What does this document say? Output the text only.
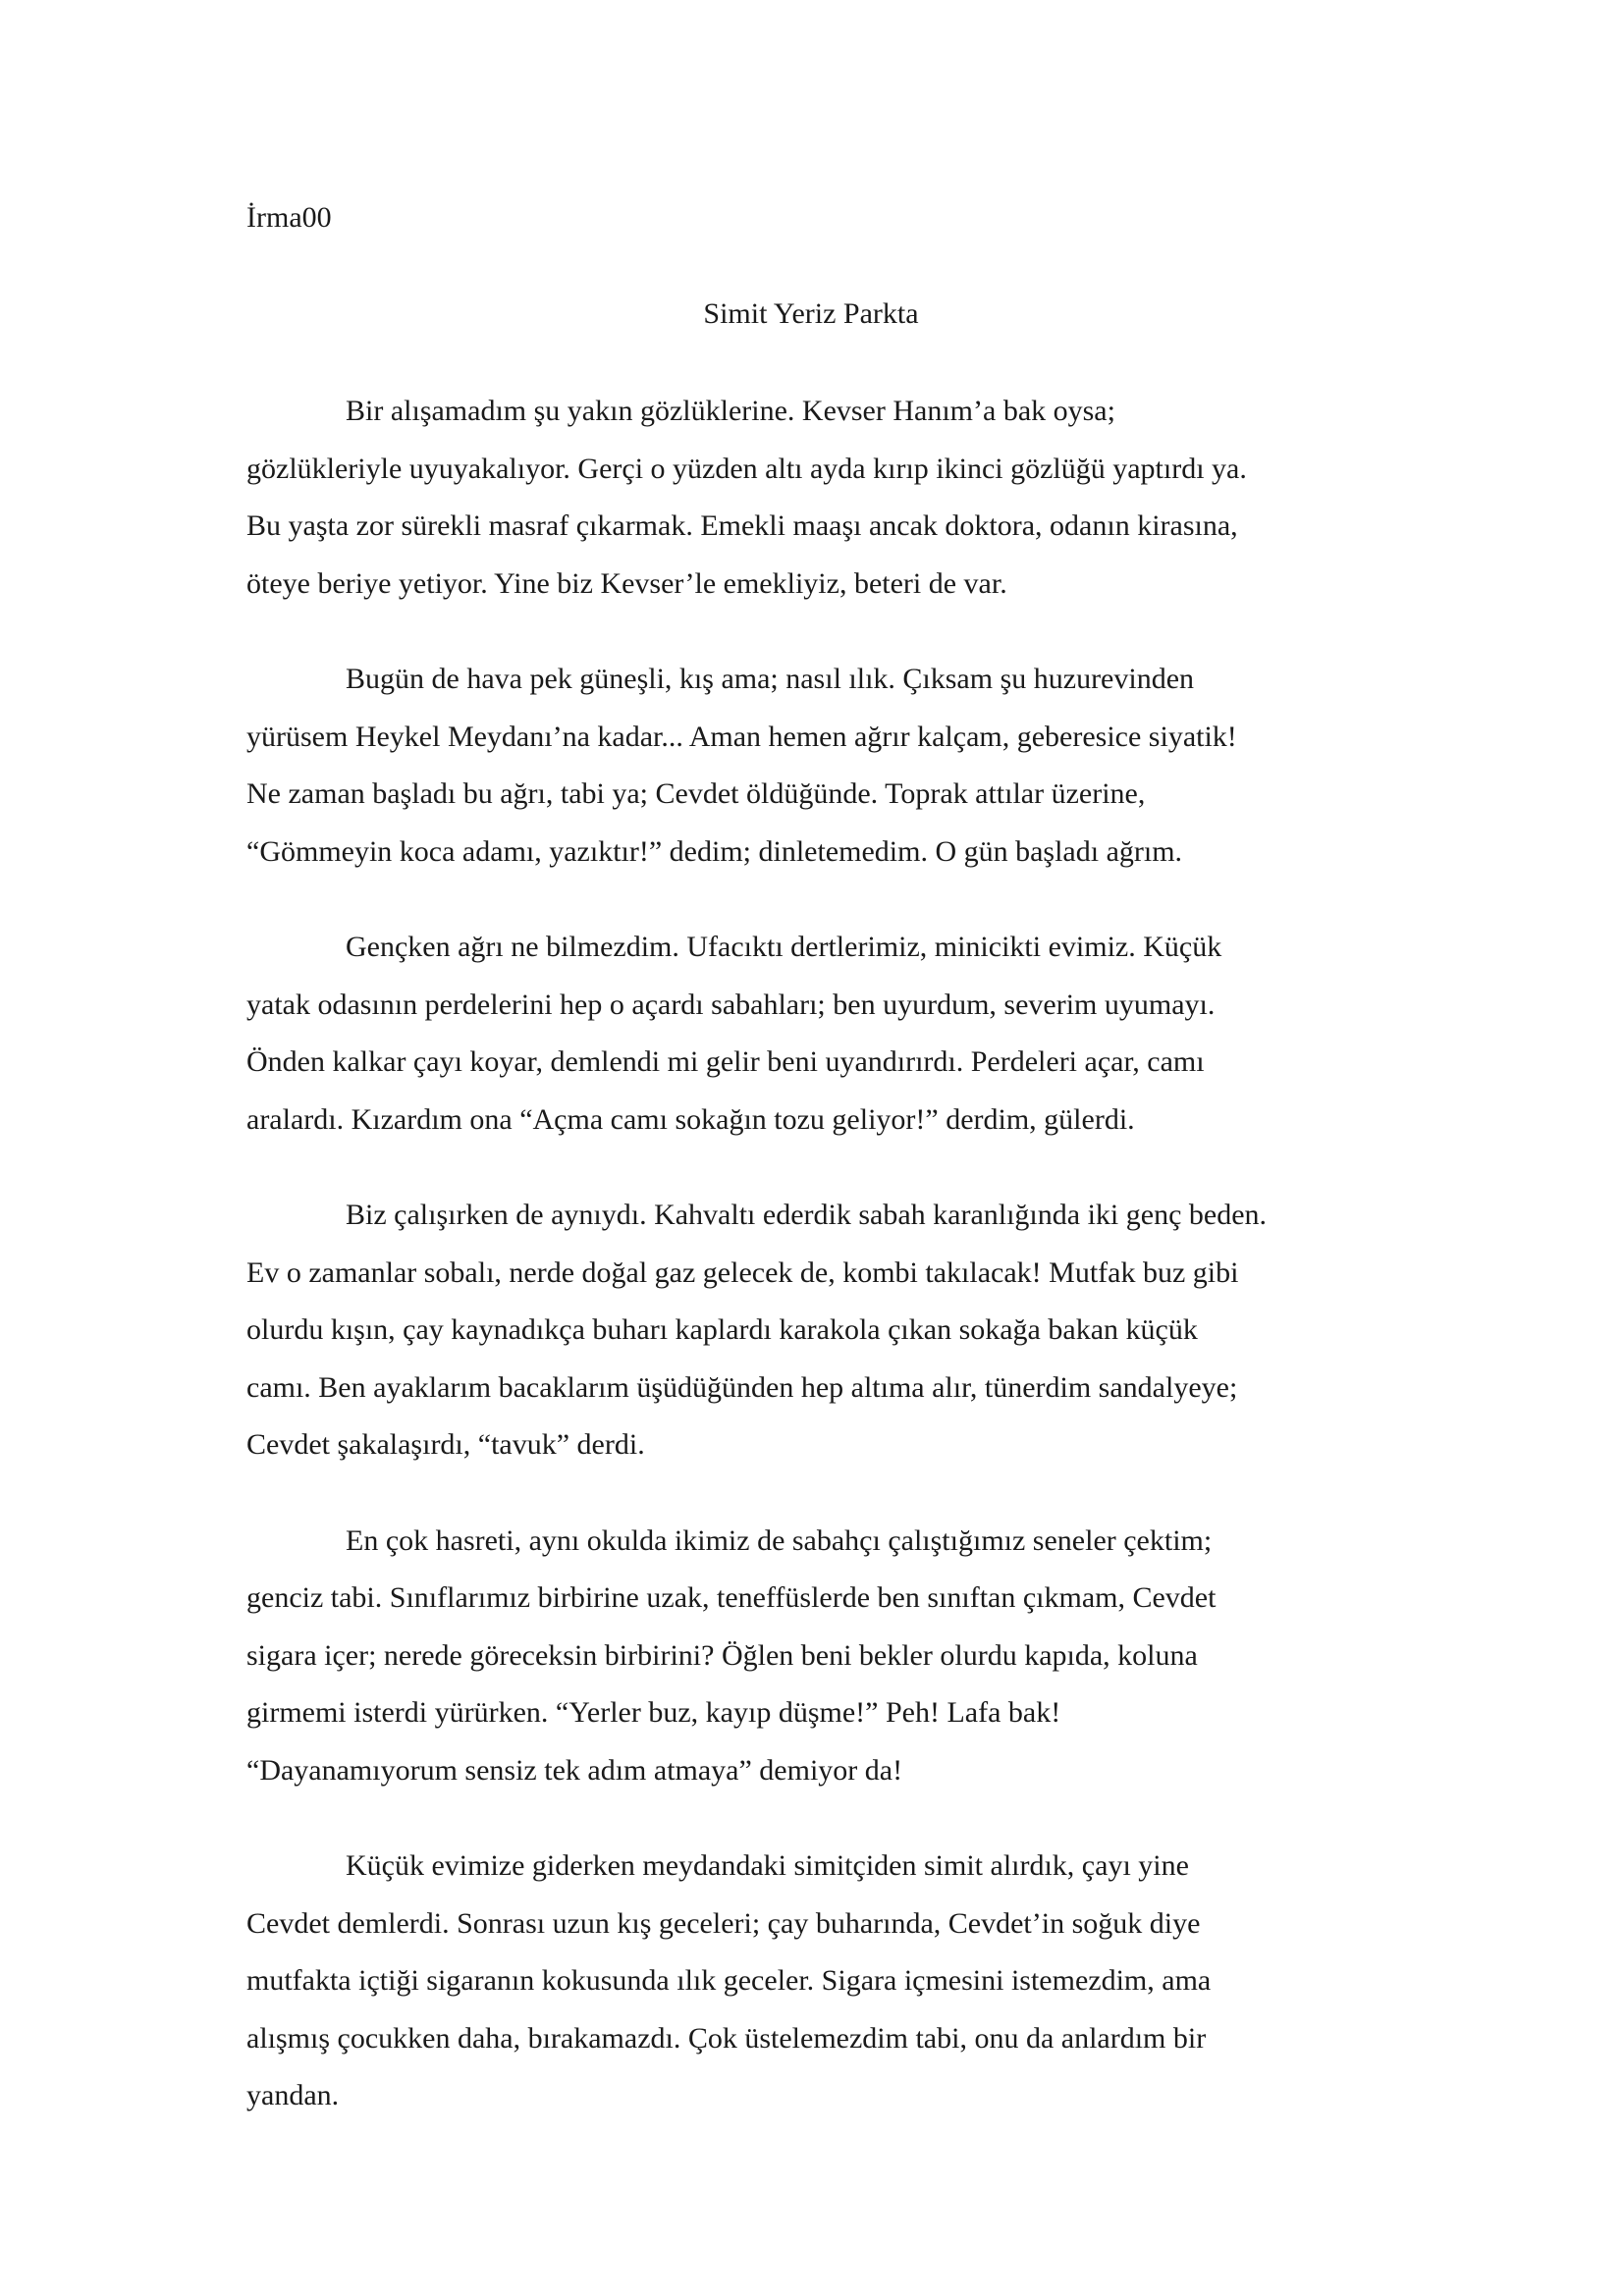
İrma00

Simit Yeriz Parkta

Bir alışamadım şu yakın gözlüklerine. Kevser Hanım’a bak oysa;
gözlükleriyle uyuyakalıyor. Gerçi o yüzden altı ayda kırıp ikinci gözlüğü yaptırdı ya.
Bu yaşta zor sürekli masraf çıkarmak. Emekli maaşı ancak doktora, odanın kirasına,
öteye beriye yetiyor. Yine biz Kevser’le emekliyiz, beteri de var.

Bugün de hava pek güneşli, kış ama; nasıl ılık. Çıksam şu huzurevinden
yürüsem Heykel Meydanı’na kadar... Aman hemen ağrır kalçam, geberesice siyatik!
Ne zaman başladı bu ağrı, tabi ya; Cevdet öldüğünde. Toprak attılar üzerine,
“Gömmeyin koca adamı, yazıktır!” dedim; dinletemedim. O gün başladı ağrım.

Gençken ağrı ne bilmezdim. Ufacıktı dertlerimiz, minicikti evimiz. Küçük
yatak odasının perdelerini hep o açardı sabahları; ben uyurdum, severim uyumayı.
Önden kalkar çayı koyar, demlendi mi gelir beni uyandırırdı. Perdeleri açar, camı
aralardı. Kızardım ona “Açma camı sokağın tozu geliyor!” derdim, gülerdi.

Biz çalışırken de aynıydı. Kahvaltı ederdik sabah karanlığında iki genç beden.
Ev o zamanlar sobalı, nerde doğal gaz gelecek de, kombi takılacak! Mutfak buz gibi
olurdu kışın, çay kaynadıkça buharı kaplardı karakola çıkan sokağa bakan küçük
camı. Ben ayaklarım bacaklarım üşüdüğünden hep altıma alır, tünerdim sandalyeye;
Cevdet şakalaşırdı, “tavuk” derdi.

En çok hasreti, aynı okulda ikimiz de sabahçı çalıştığımız seneler çektim;
genciz tabi. Sınıflarımız birbirine uzak, teneffüslerde ben sınıftan çıkmam, Cevdet
sigara içer; nerede göreceksin birbirini? Öğlen beni bekler olurdu kapıda, koluna
girmemi isterdi yürürken. “Yerler buz, kayıp düşme!” Peh! Lafa bak!
“Dayanamıyorum sensiz tek adım atmaya” demiyor da!

Küçük evimize giderken meydandaki simitçiden simit alırdık, çayı yine
Cevdet demlerdi. Sonrası uzun kış geceleri; çay buharında, Cevdet’in soğuk diye
mutfakta içtiği sigaranın kokusunda ılık geceler. Sigara içmesini istemezdim, ama
alışmış çocukken daha, bırakamazdı. Çok üstelemezdim tabi, onu da anlardım bir
yandan.
